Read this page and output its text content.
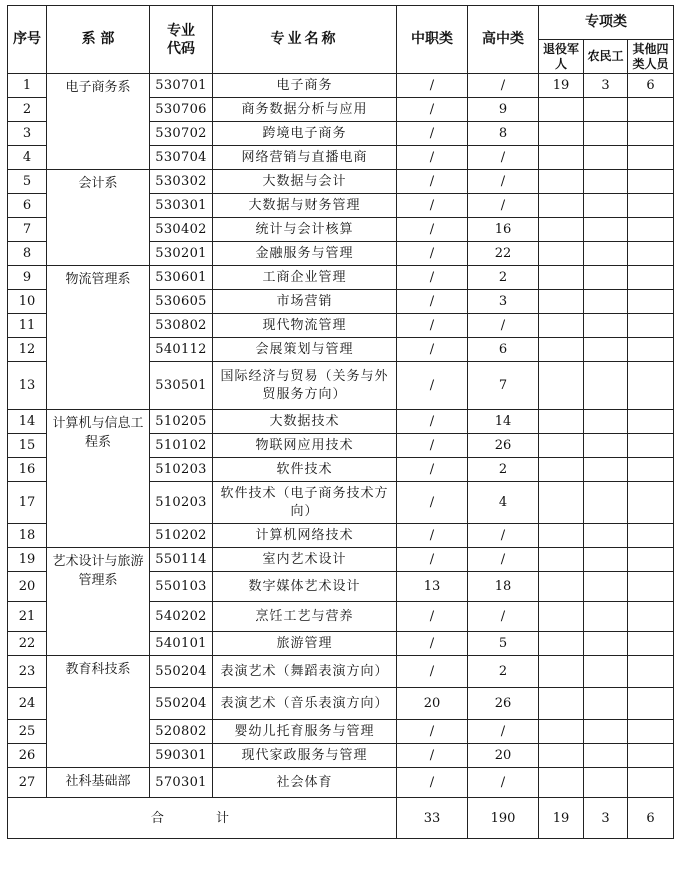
序号	系 部	专业代码	专业名称	中职类	高中类	专项类		
						退役军人	农民工	其他四类人员
1	电子商务系	530701	电子商务	/	/	19	3	6
2		530706	商务数据分析与应用	/	9			
3		530702	跨境电子商务	/	8			
4		530704	网络营销与直播电商	/	/			
5	会计系	530302	大数据与会计	/	/			
6		530301	大数据与财务管理	/	/			
7		530402	统计与会计核算	/	16			
8		530201	金融服务与管理	/	22			
9	物流管理系	530601	工商企业管理	/	2			
10		530605	市场营销	/	3			
11		530802	现代物流管理	/	/			
12		540112	会展策划与管理	/	6			
13		530501	国际经济与贸易（关务与外贸服务方向）	/	7			
14	计算机与信息工程系	510205	大数据技术	/	14			
15		510102	物联网应用技术	/	26			
16		510203	软件技术	/	2			
17		510203	软件技术（电子商务技术方向）	/	4			
18		510202	计算机网络技术	/	/			
19	艺术设计与旅游管理系	550114	室内艺术设计	/	/			
20		550103	数字媒体艺术设计	13	18			
21		540202	烹饪工艺与营养	/	/			
22		540101	旅游管理	/	5			
23	教育科技系	550204	表演艺术（舞蹈表演方向）	/	2			
24		550204	表演艺术（音乐表演方向）	20	26			
25		520802	婴幼儿托育服务与管理	/	/			
26		590301	现代家政服务与管理	/	20			
27	社科基础部	570301	社会体育	/	/			
合 计				33	190	19	3	6
